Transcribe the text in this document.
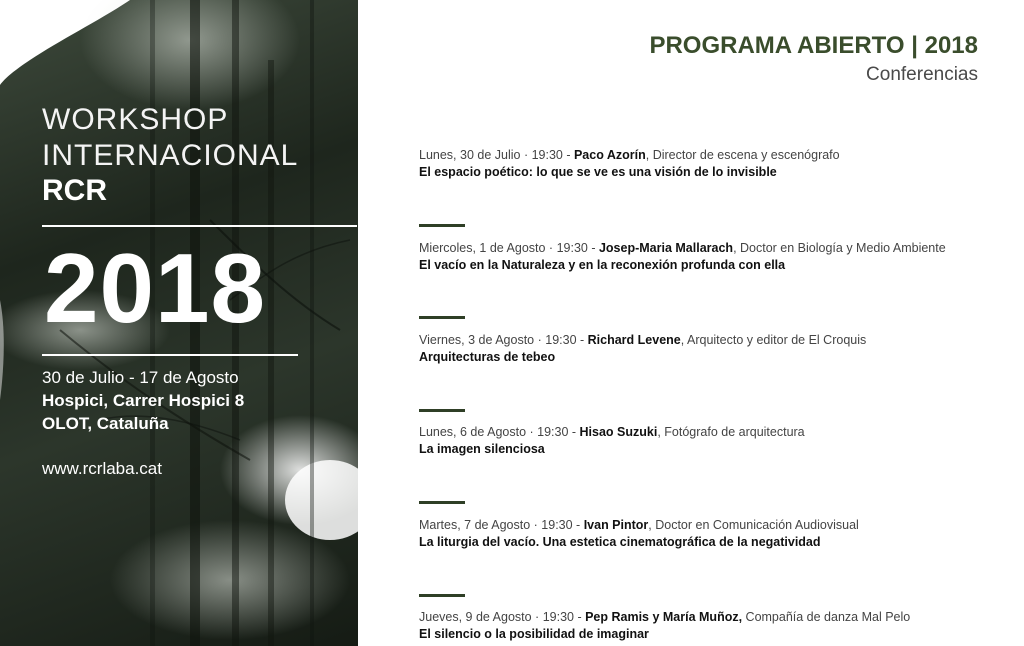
WORKSHOP
INTERNACIONAL
RCR
2018
30 de Julio - 17 de Agosto
Hospici, Carrer Hospici 8
OLOT, Cataluña
www.rcrlaba.cat
PROGRAMA ABIERTO | 2018
Conferencias
Lunes, 30 de Julio · 19:30 - Paco Azorín, Director de escena y escenógrafo
El espacio poético: lo que se ve es una visión de lo invisible
Miercoles, 1 de Agosto · 19:30 - Josep-Maria Mallarach, Doctor en Biología y Medio Ambiente
El vacío en la Naturaleza y en la reconexión profunda con ella
Viernes, 3 de Agosto · 19:30 - Richard Levene, Arquitecto y editor de El Croquis
Arquitecturas de tebeo
Lunes, 6 de Agosto · 19:30 - Hisao Suzuki, Fotógrafo de arquitectura
La imagen silenciosa
Martes, 7 de Agosto · 19:30 - Ivan Pintor, Doctor en Comunicación Audiovisual
La liturgia del vacío. Una estetica cinematográfica de la negatividad
Jueves, 9 de Agosto · 19:30 - Pep Ramis y María Muñoz, Compañía de danza Mal Pelo
El silencio o la posibilidad de imaginar
